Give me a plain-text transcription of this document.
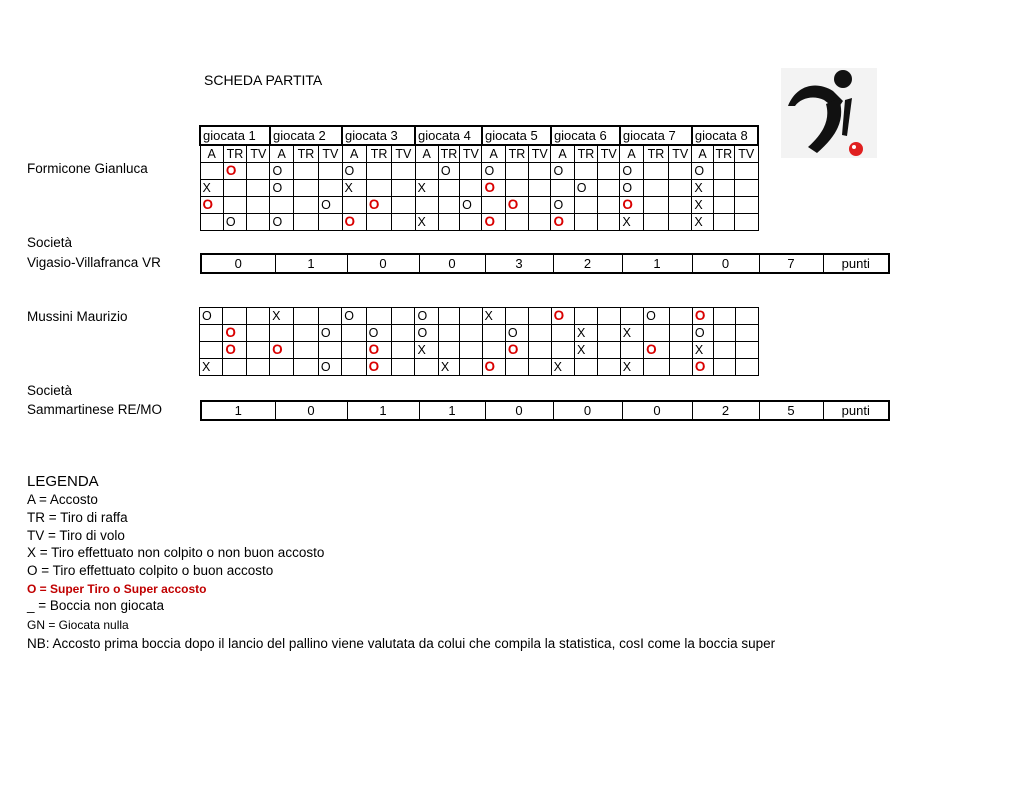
SCHEDA PARTITA
Formicone Gianluca
Società
Vigasio-Villafranca VR
giocata 1			giocata 2			giocata 3			giocata 4			giocata 5			giocata 6			giocata 7			giocata 8		
A	TR	TV	A	TR	TV	A	TR	TV	A	TR	TV	A	TR	TV	A	TR	TV	A	TR	TV	A	TR	TV
	O		O			O				O		O			O			O			O		
X			O			X			X			O				O		O			X		
O					O		O				O		O		O			O			X		
	O		O			O			X			O			O			X			X		
0	1	0	0	3	2	1	0	7	punti
Mussini Maurizio
Società
Sammartinese RE/MO
O			X			O			O			X			O				O		O		
	O				O		O		O				O			X		X			O		
	O		O				O		X				O			X			O		X		
X					O		O			X		O			X			X			O		
1	0	1	1	0	0	0	2	5	punti
LEGENDA
A = Accosto
TR = Tiro di raffa
TV = Tiro di volo
X = Tiro effettuato non colpito o non buon accosto
O = Tiro effettuato colpito o buon accosto
O = Super Tiro o Super accosto
_ = Boccia non giocata
GN = Giocata nulla
NB: Accosto prima boccia dopo il lancio del pallino viene valutata da colui che compila la statistica, cosI come la boccia super
